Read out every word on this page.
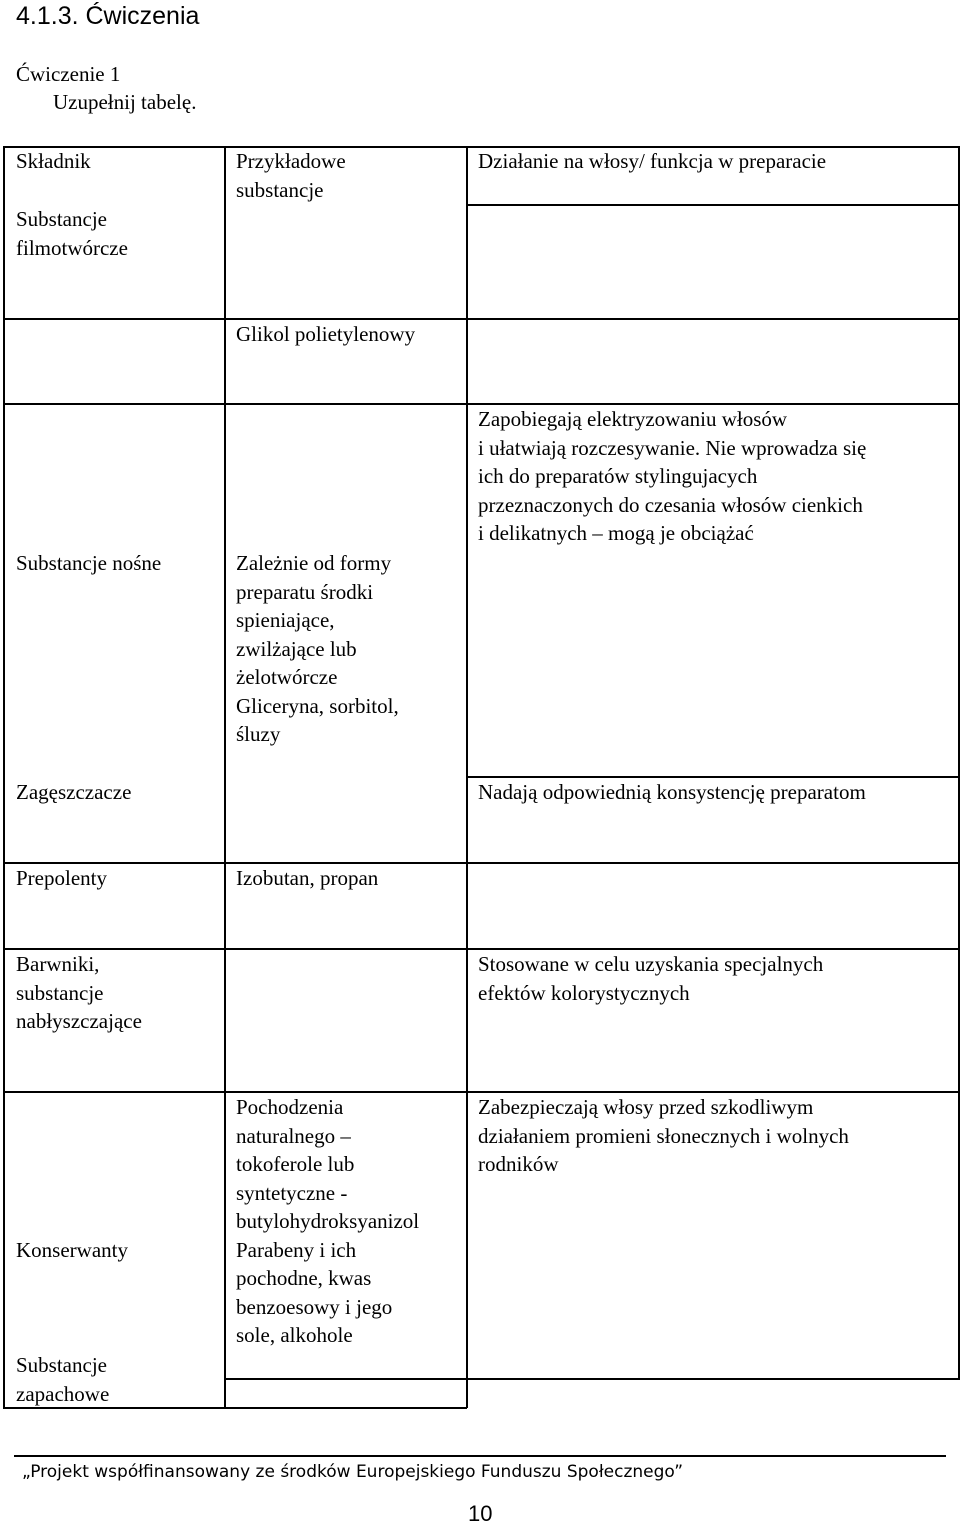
4.1.3. Ćwiczenia
Ćwiczenie 1
Uzupełnij tabelę.
Składnik	Przykładowe
substancje
Działanie na włosy/ funkcja w preparacie
Substancje
filmotwórcze
Substancje nośne
Zagęszczacze
Prepolenty
Barwniki,
substancje
nabłyszczające
Konserwanty
Substancje
zapachowe
Glikol polietylenowy
Zależnie od formy
preparatu środki
spieniające,
zwilżające lub
żelotwórcze
Gliceryna, sorbitol,
śluzy
Izobutan, propan
Pochodzenia
naturalnego –
tokoferole lub
syntetyczne -
butylohydroksyanizol
Parabeny i ich
pochodne, kwas
benzoesowy i jego
sole, alkohole
Zapobiegają elektryzowaniu włosów
i ułatwiają rozczesywanie. Nie wprowadza się
ich do preparatów stylingujacych
przeznaczonych do czesania włosów cienkich
i delikatnych – mogą je obciążać
Nadają odpowiednią konsystencję preparatom
Stosowane w celu uzyskania specjalnych
efektów kolorystycznych
Zabezpieczają włosy przed szkodliwym
działaniem promieni słonecznych i wolnych
rodników
„Projekt współfinansowany ze środków Europejskiego Funduszu Społecznego”
10
